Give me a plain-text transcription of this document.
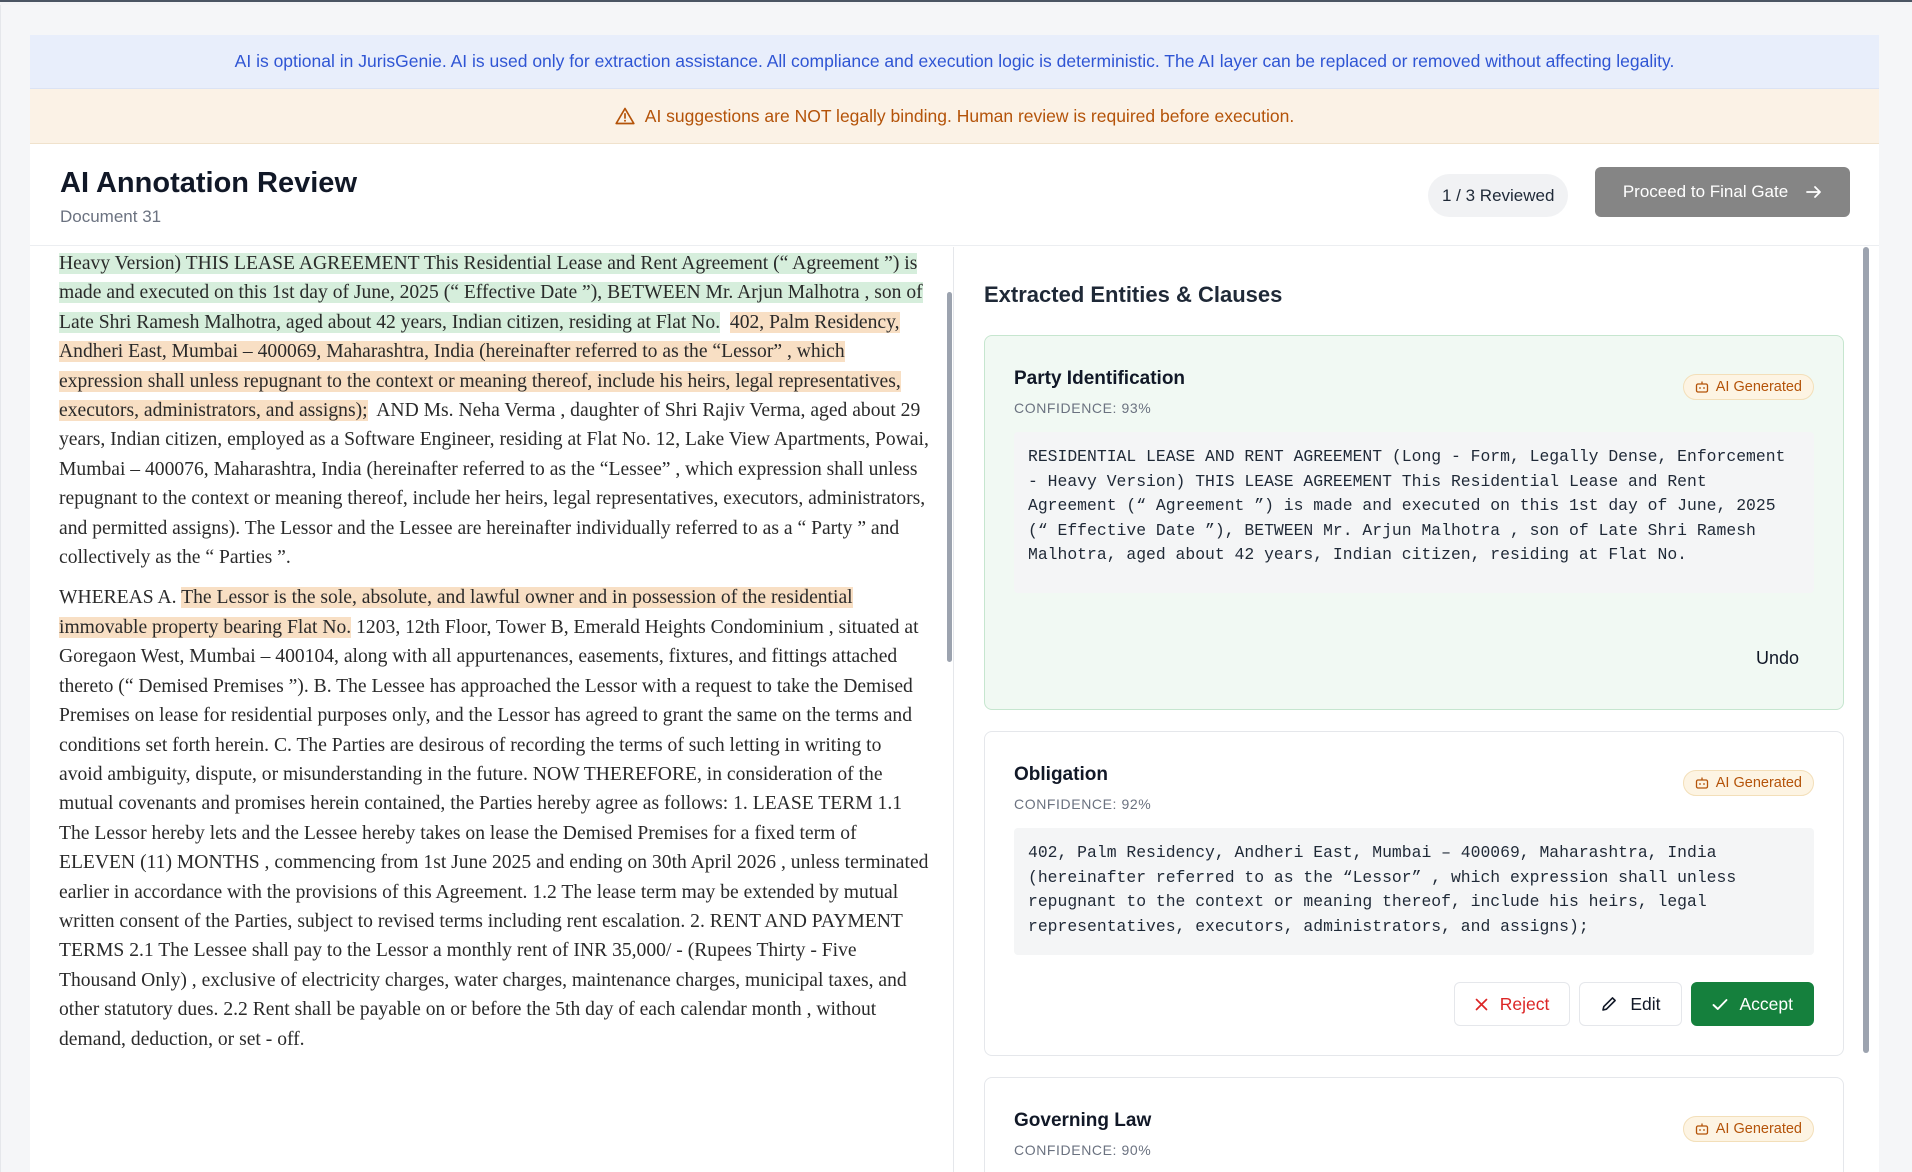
AI is optional in JurisGenie. AI is used only for extraction assistance. All compliance and execution logic is deterministic. The AI layer can be replaced or removed without affecting legality.
AI suggestions are NOT legally binding. Human review is required before execution.
AI Annotation Review
Document 31
1 / 3 Reviewed	Proceed to Final Gate

Heavy Version) THIS LEASE AGREEMENT This Residential Lease and Rent Agreement (“ Agreement ”) is made and executed on this 1st day of June, 2025 (“ Effective Date ”), BETWEEN Mr. Arjun Malhotra , son of Late Shri Ramesh Malhotra, aged about 42 years, Indian citizen, residing at Flat No. 402, Palm Residency, Andheri East, Mumbai – 400069, Maharashtra, India (hereinafter referred to as the “Lessor” , which expression shall unless repugnant to the context or meaning thereof, include his heirs, legal representatives, executors, administrators, and assigns); AND Ms. Neha Verma , daughter of Shri Rajiv Verma, aged about 29 years, Indian citizen, employed as a Software Engineer, residing at Flat No. 12, Lake View Apartments, Powai, Mumbai – 400076, Maharashtra, India (hereinafter referred to as the “Lessee” , which expression shall unless repugnant to the context or meaning thereof, include her heirs, legal representatives, executors, administrators, and permitted assigns). The Lessor and the Lessee are hereinafter individually referred to as a “ Party ” and collectively as the “ Parties ”.

WHEREAS A. The Lessor is the sole, absolute, and lawful owner and in possession of the residential immovable property bearing Flat No. 1203, 12th Floor, Tower B, Emerald Heights Condominium , situated at Goregaon West, Mumbai – 400104, along with all appurtenances, easements, fixtures, and fittings attached thereto (“ Demised Premises ”). B. The Lessee has approached the Lessor with a request to take the Demised Premises on lease for residential purposes only, and the Lessor has agreed to grant the same on the terms and conditions set forth herein. C. The Parties are desirous of recording the terms of such letting in writing to avoid ambiguity, dispute, or misunderstanding in the future. NOW THEREFORE, in consideration of the mutual covenants and promises herein contained, the Parties hereby agree as follows: 1. LEASE TERM 1.1 The Lessor hereby lets and the Lessee hereby takes on lease the Demised Premises for a fixed term of ELEVEN (11) MONTHS , commencing from 1st June 2025 and ending on 30th April 2026 , unless terminated earlier in accordance with the provisions of this Agreement. 1.2 The lease term may be extended by mutual written consent of the Parties, subject to revised terms including rent escalation. 2. RENT AND PAYMENT TERMS 2.1 The Lessee shall pay to the Lessor a monthly rent of INR 35,000/ - (Rupees Thirty - Five Thousand Only) , exclusive of electricity charges, water charges, maintenance charges, municipal taxes, and other statutory dues. 2.2 Rent shall be payable on or before the 5th day of each calendar month , without demand, deduction, or set - off.

Extracted Entities & Clauses
Party Identification
CONFIDENCE: 93%
AI Generated
RESIDENTIAL LEASE AND RENT AGREEMENT (Long - Form, Legally Dense, Enforcement - Heavy Version) THIS LEASE AGREEMENT This Residential Lease and Rent Agreement (“ Agreement ”) is made and executed on this 1st day of June, 2025 (“ Effective Date ”), BETWEEN Mr. Arjun Malhotra , son of Late Shri Ramesh Malhotra, aged about 42 years, Indian citizen, residing at Flat No.
Undo
Obligation
CONFIDENCE: 92%
AI Generated
402, Palm Residency, Andheri East, Mumbai – 400069, Maharashtra, India (hereinafter referred to as the “Lessor” , which expression shall unless repugnant to the context or meaning thereof, include his heirs, legal representatives, executors, administrators, and assigns);
Reject	Edit	Accept
Governing Law
CONFIDENCE: 90%
AI Generated
